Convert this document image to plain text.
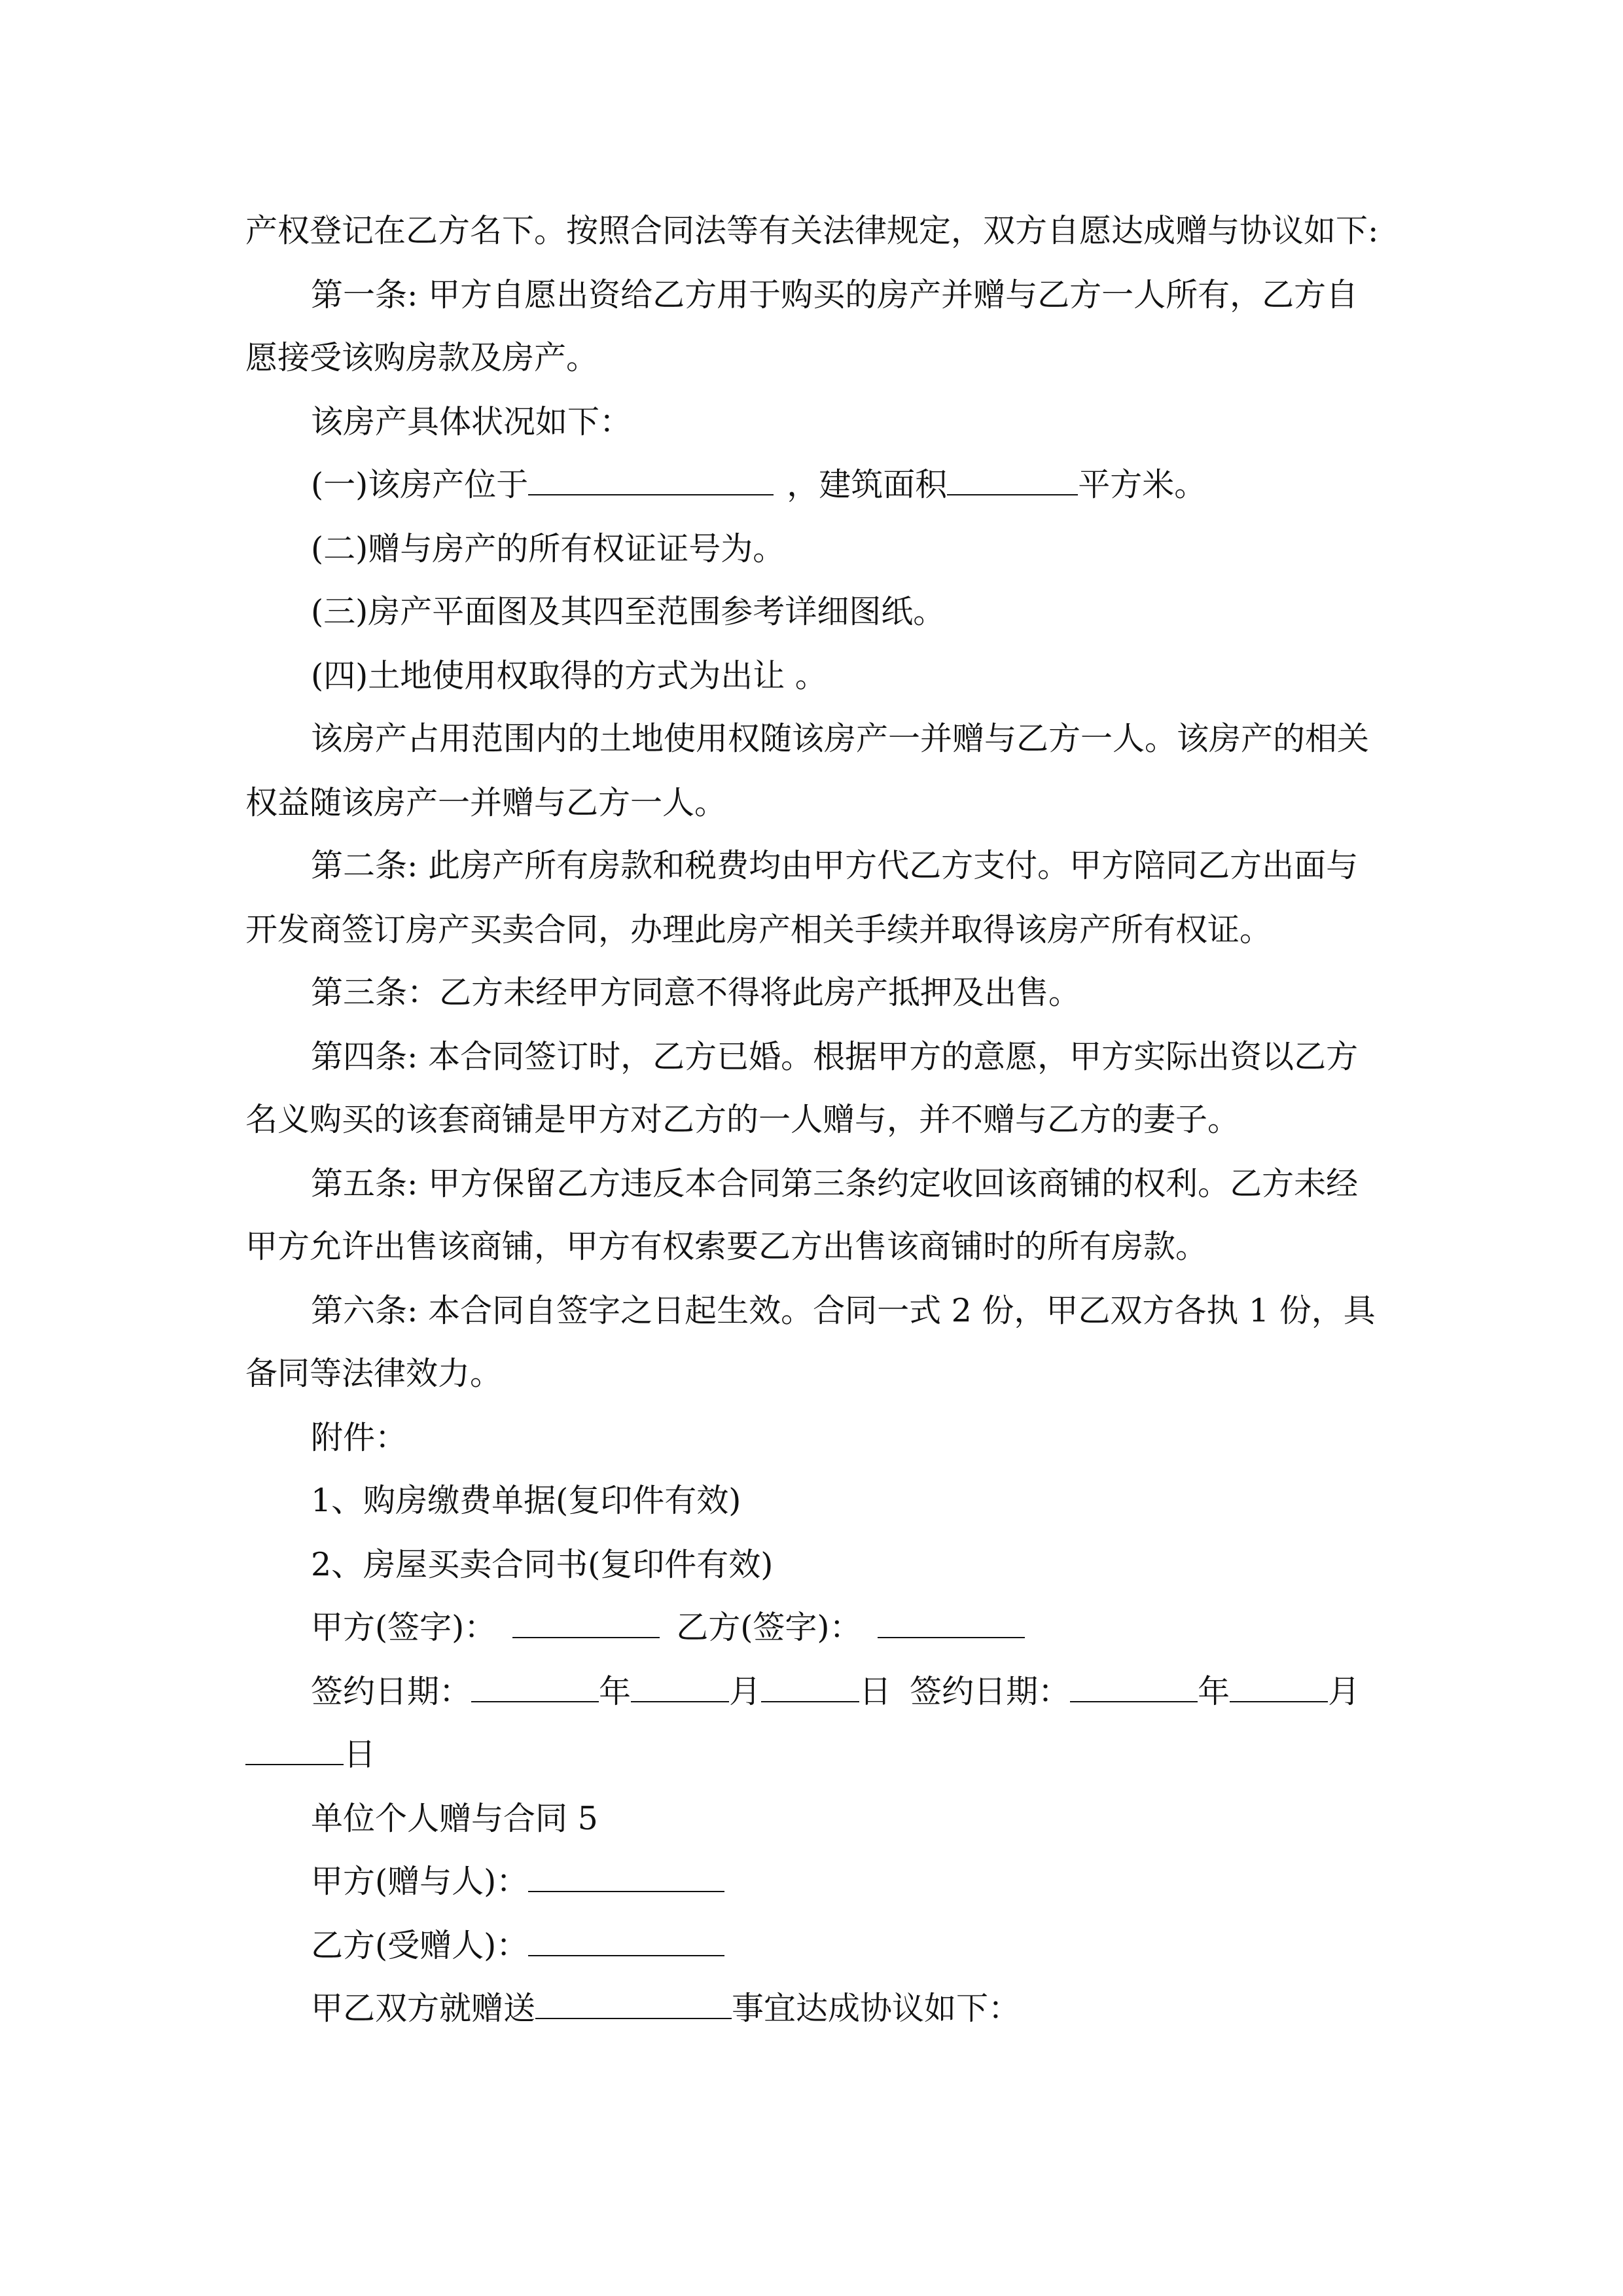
产权登记在乙方名下。按照合同法等有关法律规定，双方自愿达成赠与协议如下:
第一条: 甲方自愿出资给乙方用于购买的房产并赠与乙方一人所有，乙方自
愿接受该购房款及房产。
该房产具体状况如下：
(一)该房产位于	，建筑面积	平方米。
(二)赠与房产的所有权证证号为。
(三)房产平面图及其四至范围参考详细图纸。
(四)土地使用权取得的方式为出让 。
该房产占用范围内的土地使用权随该房产一并赠与乙方一人。该房产的相关
权益随该房产一并赠与乙方一人。
第二条: 此房产所有房款和税费均由甲方代乙方支付。甲方陪同乙方出面与
开发商签订房产买卖合同，办理此房产相关手续并取得该房产所有权证。
第三条：乙方未经甲方同意不得将此房产抵押及出售。
第四条: 本合同签订时，乙方已婚。根据甲方的意愿，甲方实际出资以乙方
名义购买的该套商铺是甲方对乙方的一人赠与，并不赠与乙方的妻子。
第五条: 甲方保留乙方违反本合同第三条约定收回该商铺的权利。乙方未经
甲方允许出售该商铺，甲方有权索要乙方出售该商铺时的所有房款。
第六条: 本合同自签字之日起生效。合同一式 2 份，甲乙双方各执 1 份，具
备同等法律效力。
附件：
1、购房缴费单据(复印件有效)
2、房屋买卖合同书(复印件有效)
甲方(签字)：	乙方(签字)：
签约日期：	年	月	日 签约日期：	年	月
日
单位个人赠与合同 5
甲方(赠与人)：
乙方(受赠人)：
甲乙双方就赠送	事宜达成协议如下：
